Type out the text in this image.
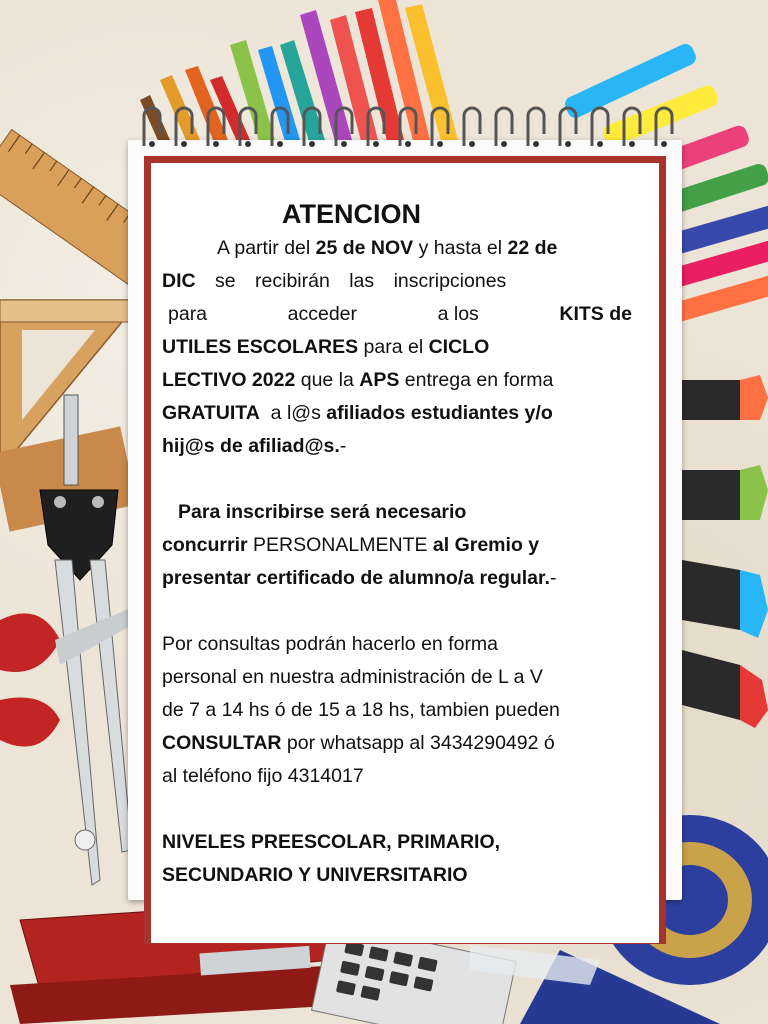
ATENCION

A partir del 25 de NOV y hasta el 22 de

DIC se recibirán las inscripciones

para	acceder	a los	KITS de

UTILES ESCOLARES para el CICLO

LECTIVO 2022 que la APS entrega en forma

GRATUITA  a l@s afiliados estudiantes y/o

hij@s de afiliad@s.-

Para inscribirse será necesario

concurrir PERSONALMENTE al Gremio y

presentar certificado de alumno/a regular.-

Por consultas podrán hacerlo en forma

personal en nuestra administración de L a V

de 7 a 14 hs ó de 15 a 18 hs, tambien pueden

CONSULTAR por whatsapp al 3434290492 ó

al teléfono fijo 4314017

NIVELES PREESCOLAR, PRIMARIO,

SECUNDARIO Y UNIVERSITARIO
